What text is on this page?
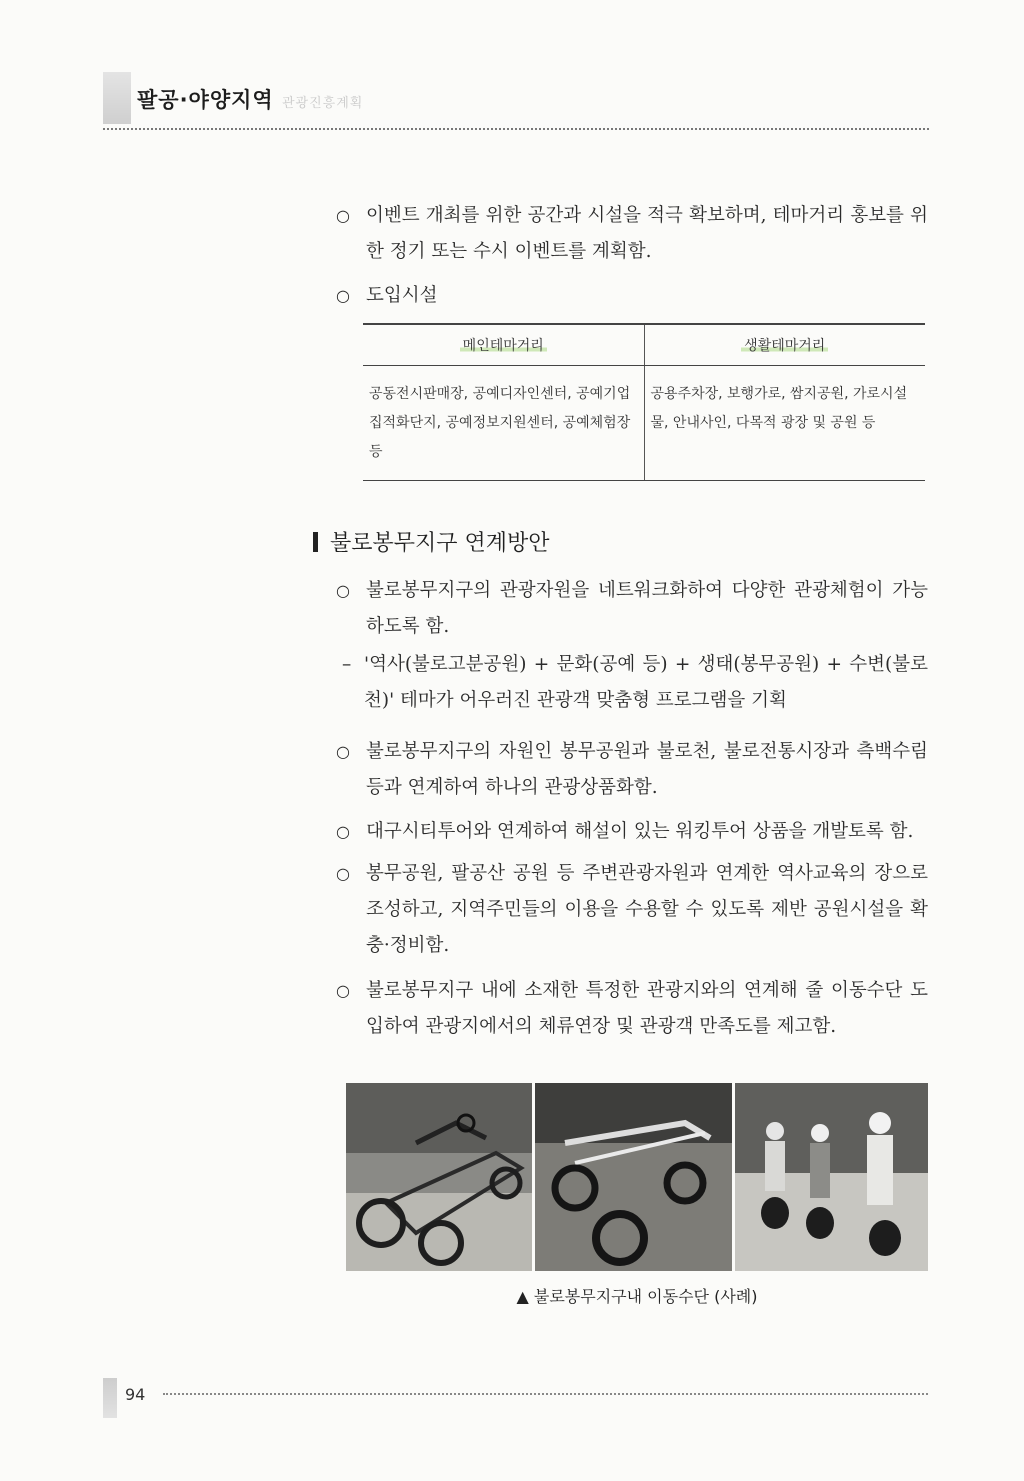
팔공·야양지역 관광진흥계획
○ 이벤트 개최를 위한 공간과 시설을 적극 확보하며, 테마거리 홍보를 위한 정기 또는 수시 이벤트를 계획함.
○ 도입시설
메인테마거리	생활테마거리
공동전시판매장, 공예디자인센터, 공예기업집적화단지, 공예정보지원센터, 공예체험장 등	공용주차장, 보행가로, 쌈지공원, 가로시설물, 안내사인, 다목적 광장 및 공원 등
불로봉무지구 연계방안
○ 불로봉무지구의 관광자원을 네트워크화하여 다양한 관광체험이 가능하도록 함.
– '역사(불로고분공원) + 문화(공예 등) + 생태(봉무공원) + 수변(불로천)' 테마가 어우러진 관광객 맞춤형 프로그램을 기획
○ 불로봉무지구의 자원인 봉무공원과 불로천, 불로전통시장과 측백수림 등과 연계하여 하나의 관광상품화함.
○ 대구시티투어와 연계하여 해설이 있는 워킹투어 상품을 개발토록 함.
○ 봉무공원, 팔공산 공원 등 주변관광자원과 연계한 역사교육의 장으로 조성하고, 지역주민들의 이용을 수용할 수 있도록 제반 공원시설을 확충·정비함.
○ 불로봉무지구 내에 소재한 특정한 관광지와의 연계해 줄 이동수단 도입하여 관광지에서의 체류연장 및 관광객 만족도를 제고함.
▲ 불로봉무지구내 이동수단 (사례)
94
